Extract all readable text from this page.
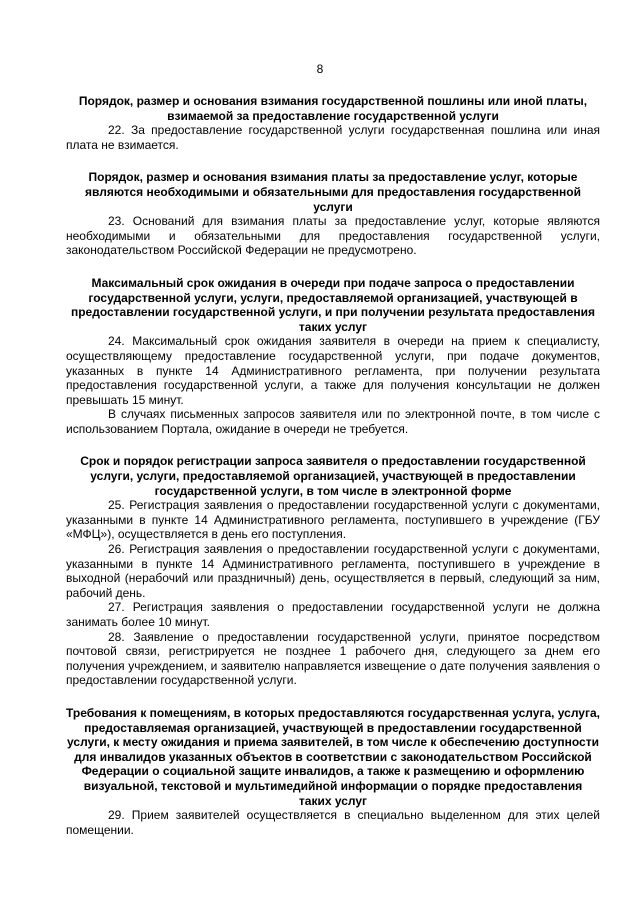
8

Порядок, размер и основания взимания государственной пошлины или иной платы, взимаемой за предоставление государственной услуги

22. За предоставление государственной услуги государственная пошлина или иная плата не взимается.

Порядок, размер и основания взимания платы за предоставление услуг, которые являются необходимыми и обязательными для предоставления государственной услуги

23. Оснований для взимания платы за предоставление услуг, которые являются необходимыми и обязательными для предоставления государственной услуги, законодательством Российской Федерации не предусмотрено.

Максимальный срок ожидания в очереди при подаче запроса о предоставлении государственной услуги, услуги, предоставляемой организацией, участвующей в предоставлении государственной услуги, и при получении результата предоставления таких услуг

24. Максимальный срок ожидания заявителя в очереди на прием к специалисту, осуществляющему предоставление государственной услуги, при подаче документов, указанных в пункте 14 Административного регламента, при получении результата предоставления государственной услуги, а также для получения консультации не должен превышать 15 минут.

В случаях письменных запросов заявителя или по электронной почте, в том числе с использованием Портала, ожидание в очереди не требуется.

Срок и порядок регистрации запроса заявителя о предоставлении государственной услуги, услуги, предоставляемой организацией, участвующей в предоставлении государственной услуги, в том числе в электронной форме

25. Регистрация заявления о предоставлении государственной услуги с документами, указанными в пункте 14 Административного регламента, поступившего в учреждение (ГБУ «МФЦ»), осуществляется в день его поступления.

26. Регистрация заявления о предоставлении государственной услуги с документами, указанными в пункте 14 Административного регламента, поступившего в учреждение в выходной (нерабочий или праздничный) день, осуществляется в первый, следующий за ним, рабочий день.

27. Регистрация заявления о предоставлении государственной услуги не должна занимать более 10 минут.

28. Заявление о предоставлении государственной услуги, принятое посредством почтовой связи, регистрируется не позднее 1 рабочего дня, следующего за днем его получения учреждением, и заявителю направляется извещение о дате получения заявления о предоставлении государственной услуги.

Требования к помещениям, в которых предоставляются государственная услуга, услуга, предоставляемая организацией, участвующей в предоставлении государственной услуги, к месту ожидания и приема заявителей, в том числе к обеспечению доступности для инвалидов указанных объектов в соответствии с законодательством Российской Федерации о социальной защите инвалидов, а также к размещению и оформлению визуальной, текстовой и мультимедийной информации о порядке предоставления таких услуг

29. Прием заявителей осуществляется в специально выделенном для этих целей помещении.
